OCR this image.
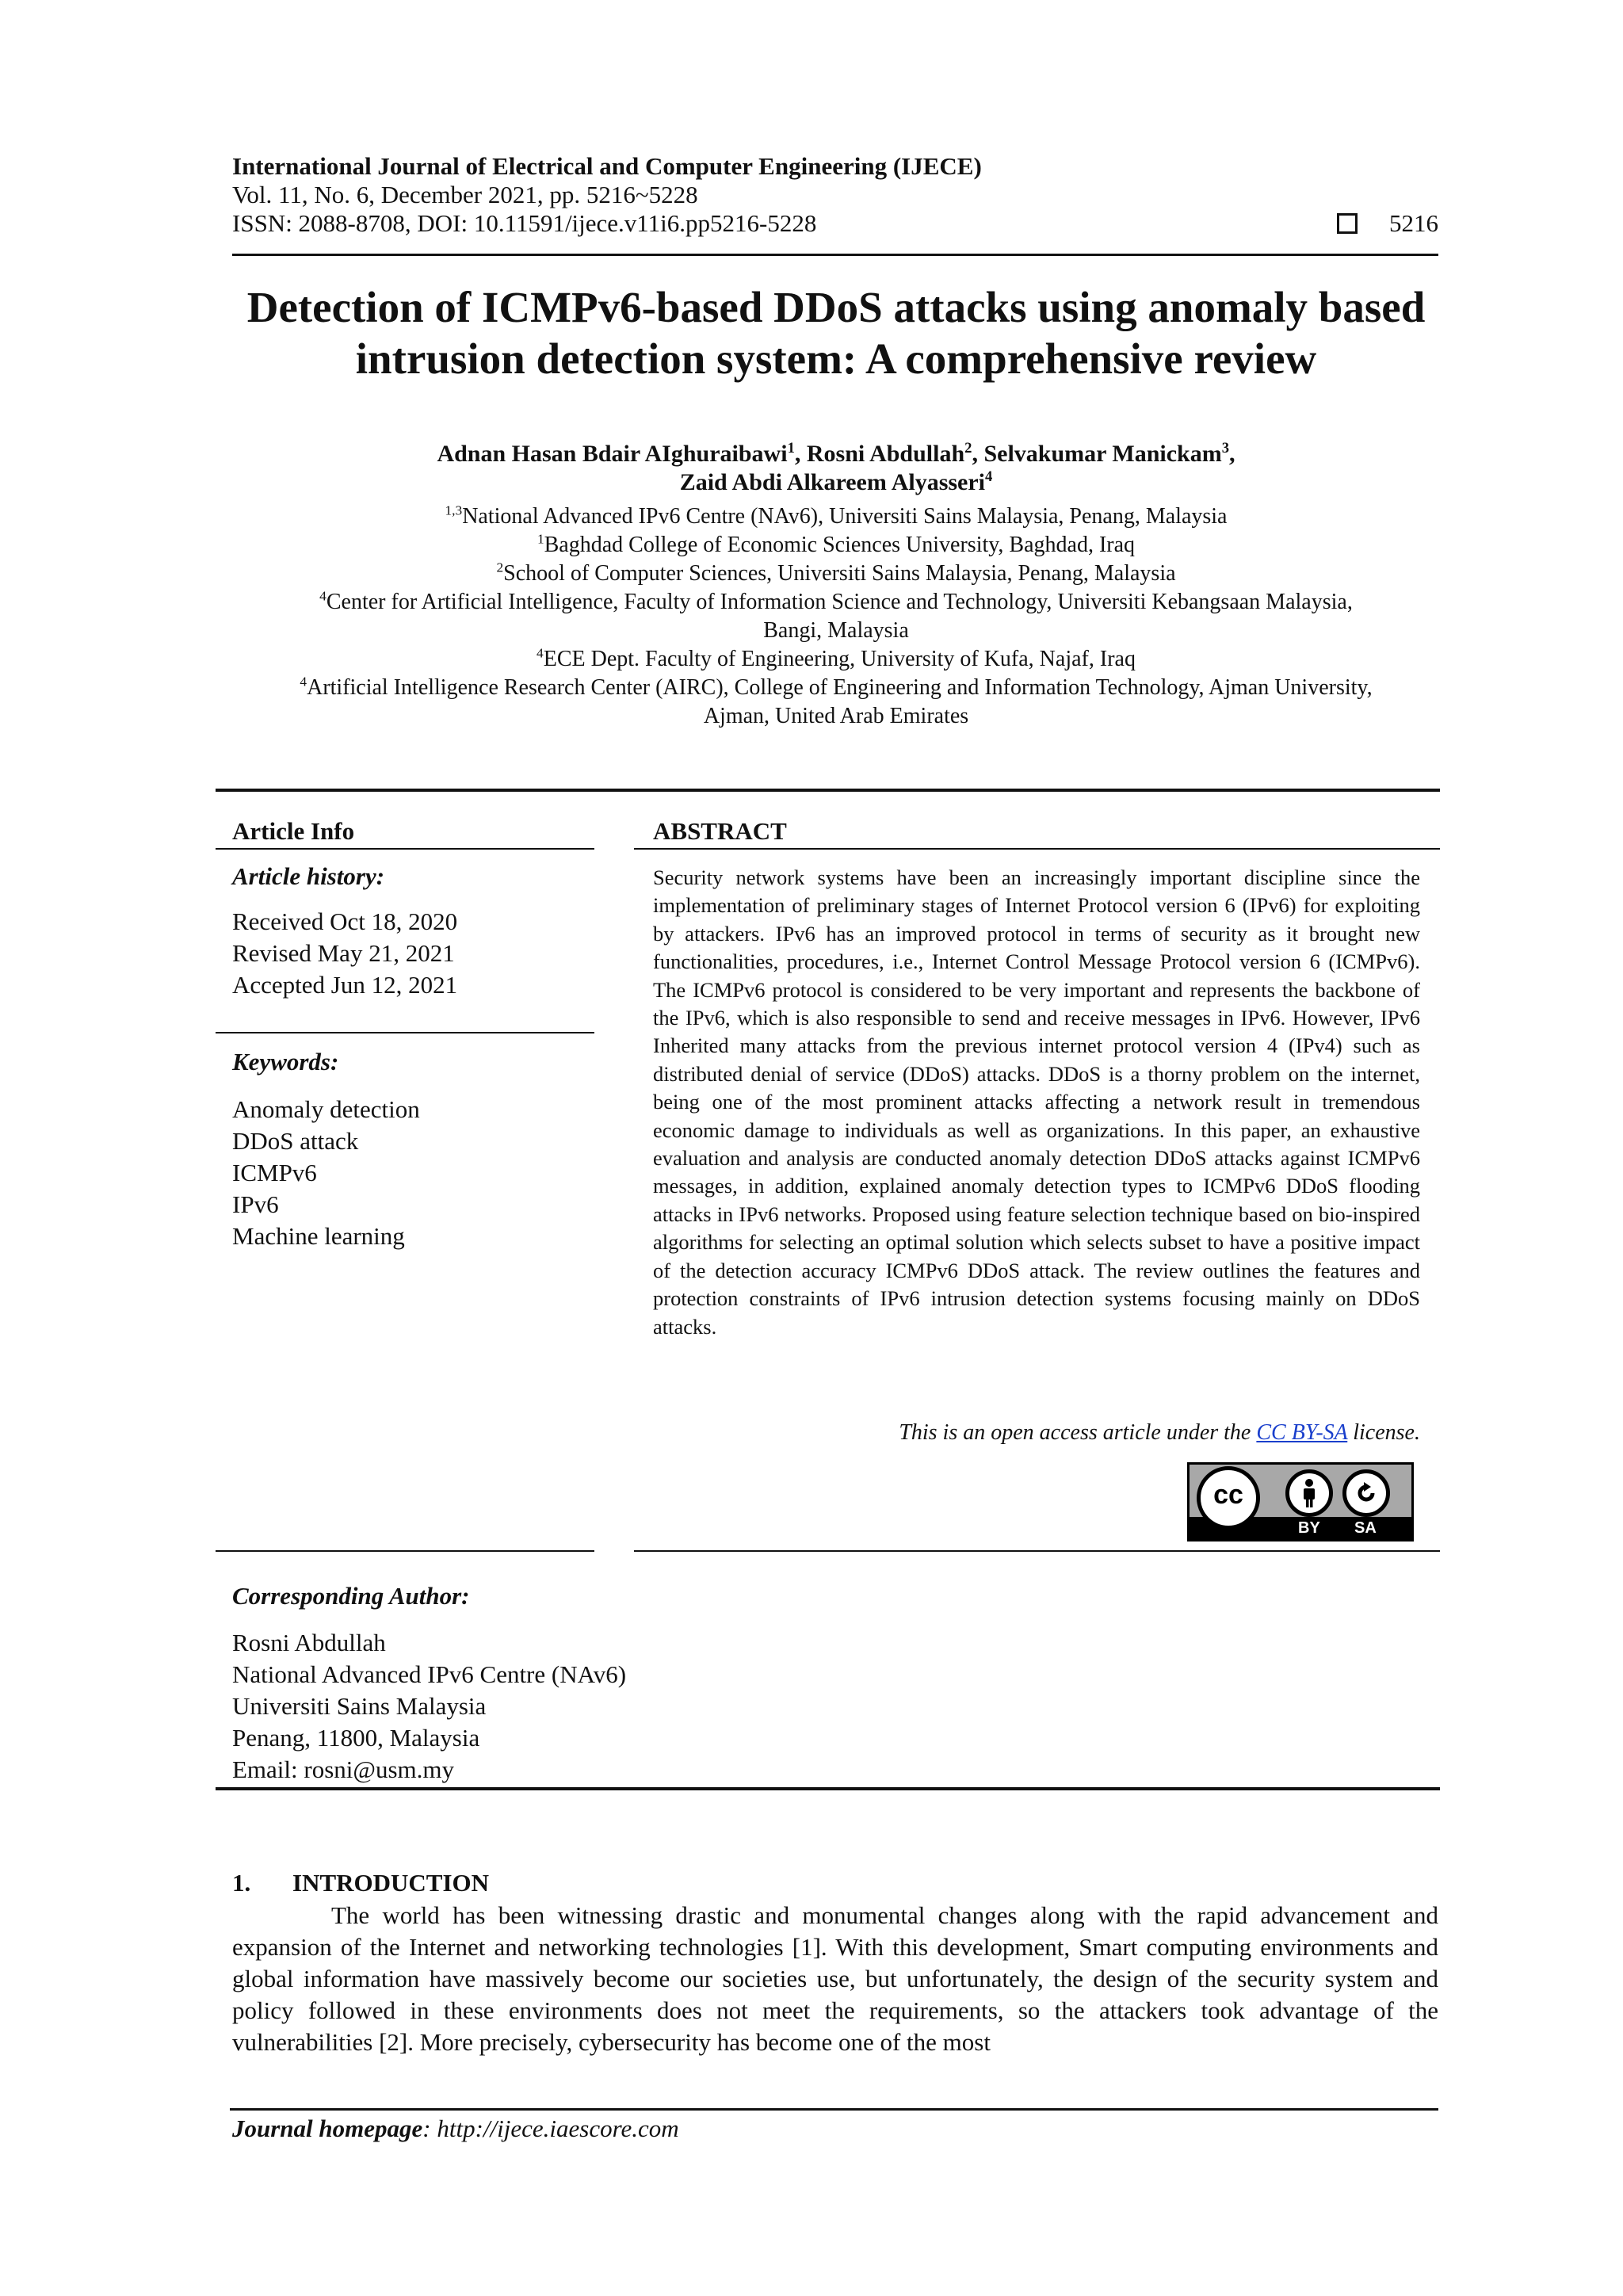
International Journal of Electrical and Computer Engineering (IJECE)
Vol. 11, No. 6, December 2021, pp. 5216~5228
ISSN: 2088-8708, DOI: 10.11591/ijece.v11i6.pp5216-5228	5216
Detection of ICMPv6-based DDoS attacks using anomaly based
intrusion detection system: A comprehensive review
Adnan Hasan Bdair AIghuraibawi$^1$, Rosni Abdullah$^2$, Selvakumar Manickam$^3$,
Zaid Abdi Alkareem Alyasseri$^4$
$^{1,3}$National Advanced IPv6 Centre (NAv6), Universiti Sains Malaysia, Penang, Malaysia
$^1$Baghdad College of Economic Sciences University, Baghdad, Iraq
$^2$School of Computer Sciences, Universiti Sains Malaysia, Penang, Malaysia
$^4$Center for Artificial Intelligence, Faculty of Information Science and Technology, Universiti Kebangsaan Malaysia,
Bangi, Malaysia
$^4$ECE Dept. Faculty of Engineering, University of Kufa, Najaf, Iraq
$^4$Artificial Intelligence Research Center (AIRC), College of Engineering and Information Technology, Ajman University,
Ajman, United Arab Emirates
Article Info
Article history:
Received Oct 18, 2020
Revised May 21, 2021
Accepted Jun 12, 2021
Keywords:
Anomaly detection
DDoS attack
ICMPv6
IPv6
Machine learning
ABSTRACT
Security network systems have been an increasingly important discipline since the implementation of preliminary stages of Internet Protocol version 6 (IPv6) for exploiting by attackers. IPv6 has an improved protocol in terms of security as it brought new functionalities, procedures, i.e., Internet Control Message Protocol version 6 (ICMPv6). The ICMPv6 protocol is considered to be very important and represents the backbone of the IPv6, which is also responsible to send and receive messages in IPv6. However, IPv6 Inherited many attacks from the previous internet protocol version 4 (IPv4) such as distributed denial of service (DDoS) attacks. DDoS is a thorny problem on the internet, being one of the most prominent attacks affecting a network result in tremendous economic damage to individuals as well as organizations. In this paper, an exhaustive evaluation and analysis are conducted anomaly detection DDoS attacks against ICMPv6 messages, in addition, explained anomaly detection types to ICMPv6 DDoS flooding attacks in IPv6 networks. Proposed using feature selection technique based on bio-inspired algorithms for selecting an optimal solution which selects subset to have a positive impact of the detection accuracy ICMPv6 DDoS attack. The review outlines the features and protection constraints of IPv6 intrusion detection systems focusing mainly on DDoS attacks.
This is an open access article under the CC BY-SA license.
cc
BY SA
Corresponding Author:
Rosni Abdullah
National Advanced IPv6 Centre (NAv6)
Universiti Sains Malaysia
Penang, 11800, Malaysia
Email: rosni@usm.my
1. INTRODUCTION
The world has been witnessing drastic and monumental changes along with the rapid advancement and expansion of the Internet and networking technologies [1]. With this development, Smart computing environments and global information have massively become our societies use, but unfortunately, the design of the security system and policy followed in these environments does not meet the requirements, so the attackers took advantage of the vulnerabilities [2]. More precisely, cybersecurity has become one of the most
Journal homepage: http://ijece.iaescore.com
